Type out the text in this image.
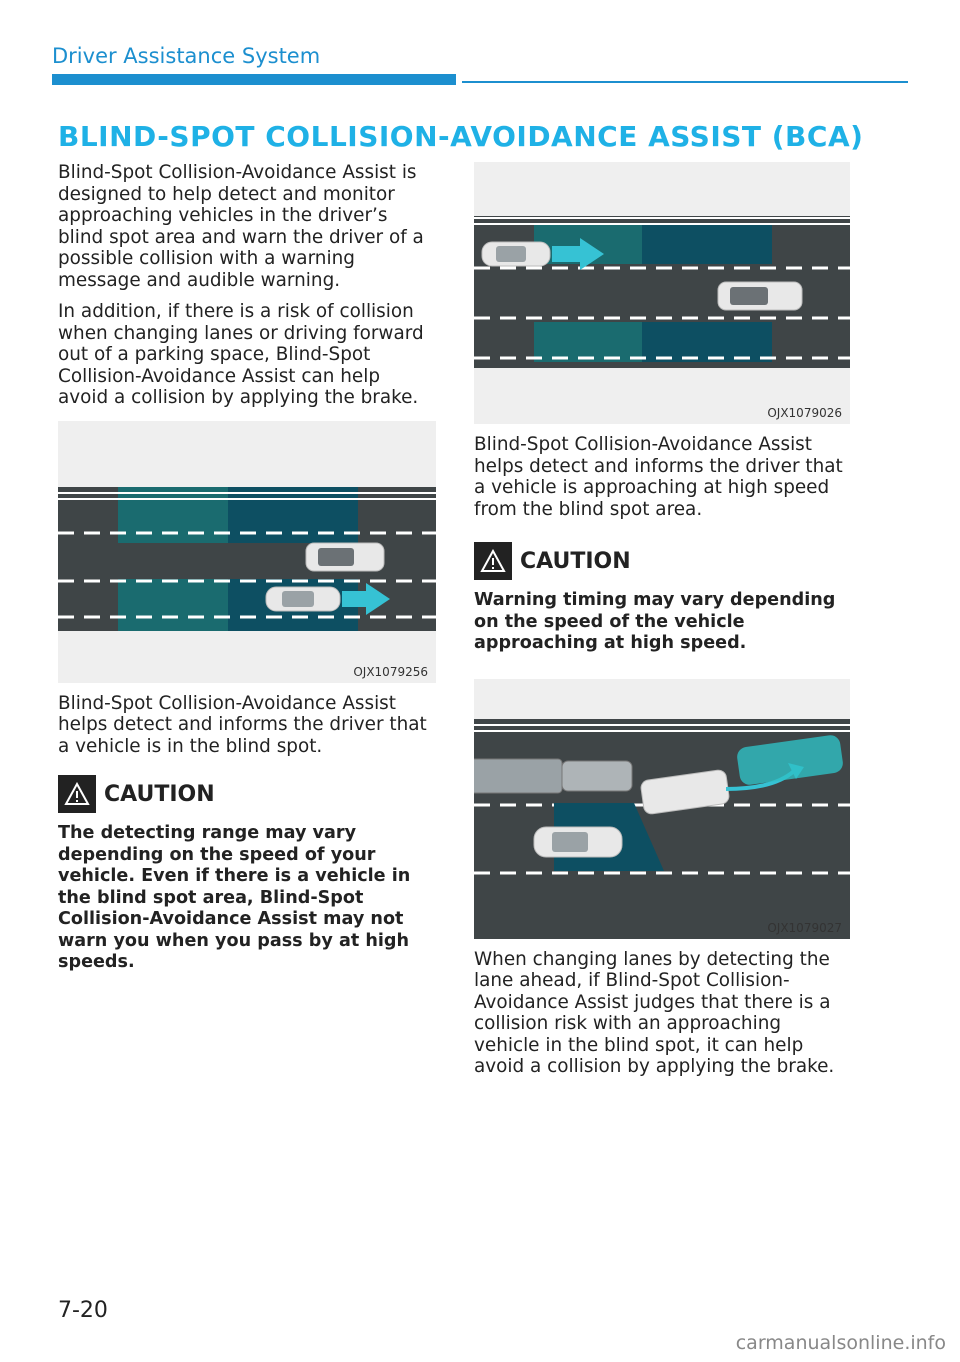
Driver Assistance System
BLIND-SPOT COLLISION-AVOIDANCE ASSIST (BCA)

Blind-Spot Collision-Avoidance Assist is designed to help detect and monitor approaching vehicles in the driver’s blind spot area and warn the driver of a possible collision with a warning message and audible warning.

In addition, if there is a risk of collision when changing lanes or driving forward out of a parking space, Blind-Spot Collision-Avoidance Assist can help avoid a collision by applying the brake.

OJX1079256

Blind-Spot Collision-Avoidance Assist helps detect and informs the driver that a vehicle is in the blind spot.

CAUTION

The detecting range may vary depending on the speed of your vehicle. Even if there is a vehicle in the blind spot area, Blind-Spot Collision-Avoidance Assist may not warn you when you pass by at high speeds.

OJX1079026

Blind-Spot Collision-Avoidance Assist helps detect and informs the driver that a vehicle is approaching at high speed from the blind spot area.

CAUTION

Warning timing may vary depending on the speed of the vehicle approaching at high speed.

OJX1079027

When changing lanes by detecting the lane ahead, if Blind-Spot Collision-Avoidance Assist judges that there is a collision risk with an approaching vehicle in the blind spot, it can help avoid a collision by applying the brake.

7-20
carmanualsonline.info
